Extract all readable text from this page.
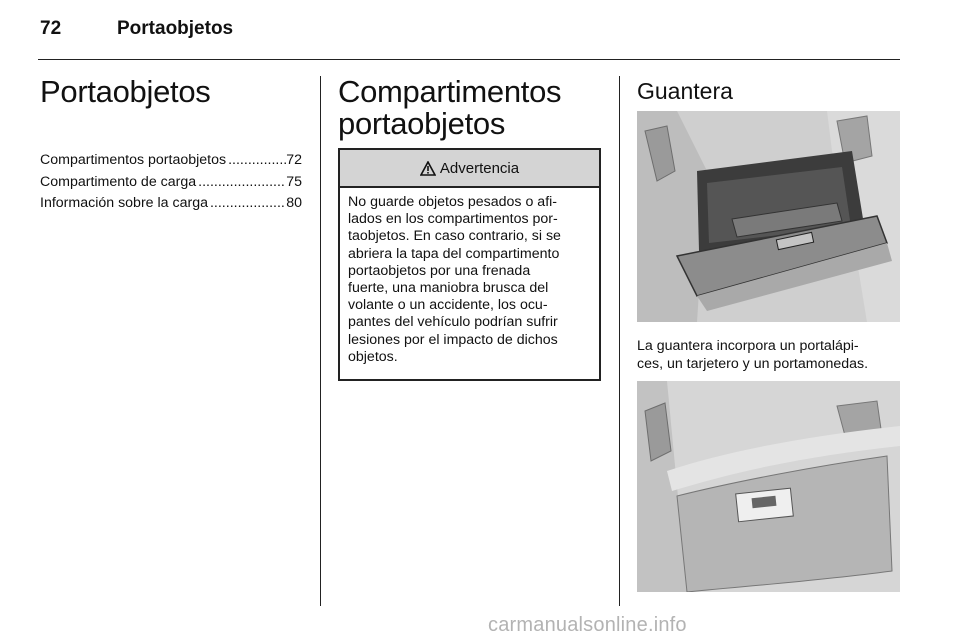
72	Portaobjetos
Portaobjetos
Compartimentos portaobjetos .....	72
Compartimento de carga .....	75
Información sobre la carga .....	80
Compartimentos
portaobjetos
Advertencia
No guarde objetos pesados o afi-
lados en los compartimentos por-
taobjetos. En caso contrario, si se
abriera la tapa del compartimento
portaobjetos por una frenada
fuerte, una maniobra brusca del
volante o un accidente, los ocu-
pantes del vehículo podrían sufrir
lesiones por el impacto de dichos
objetos.
Guantera
La guantera incorpora un portalápi-
ces, un tarjetero y un portamonedas.
carmanualsonline.info
